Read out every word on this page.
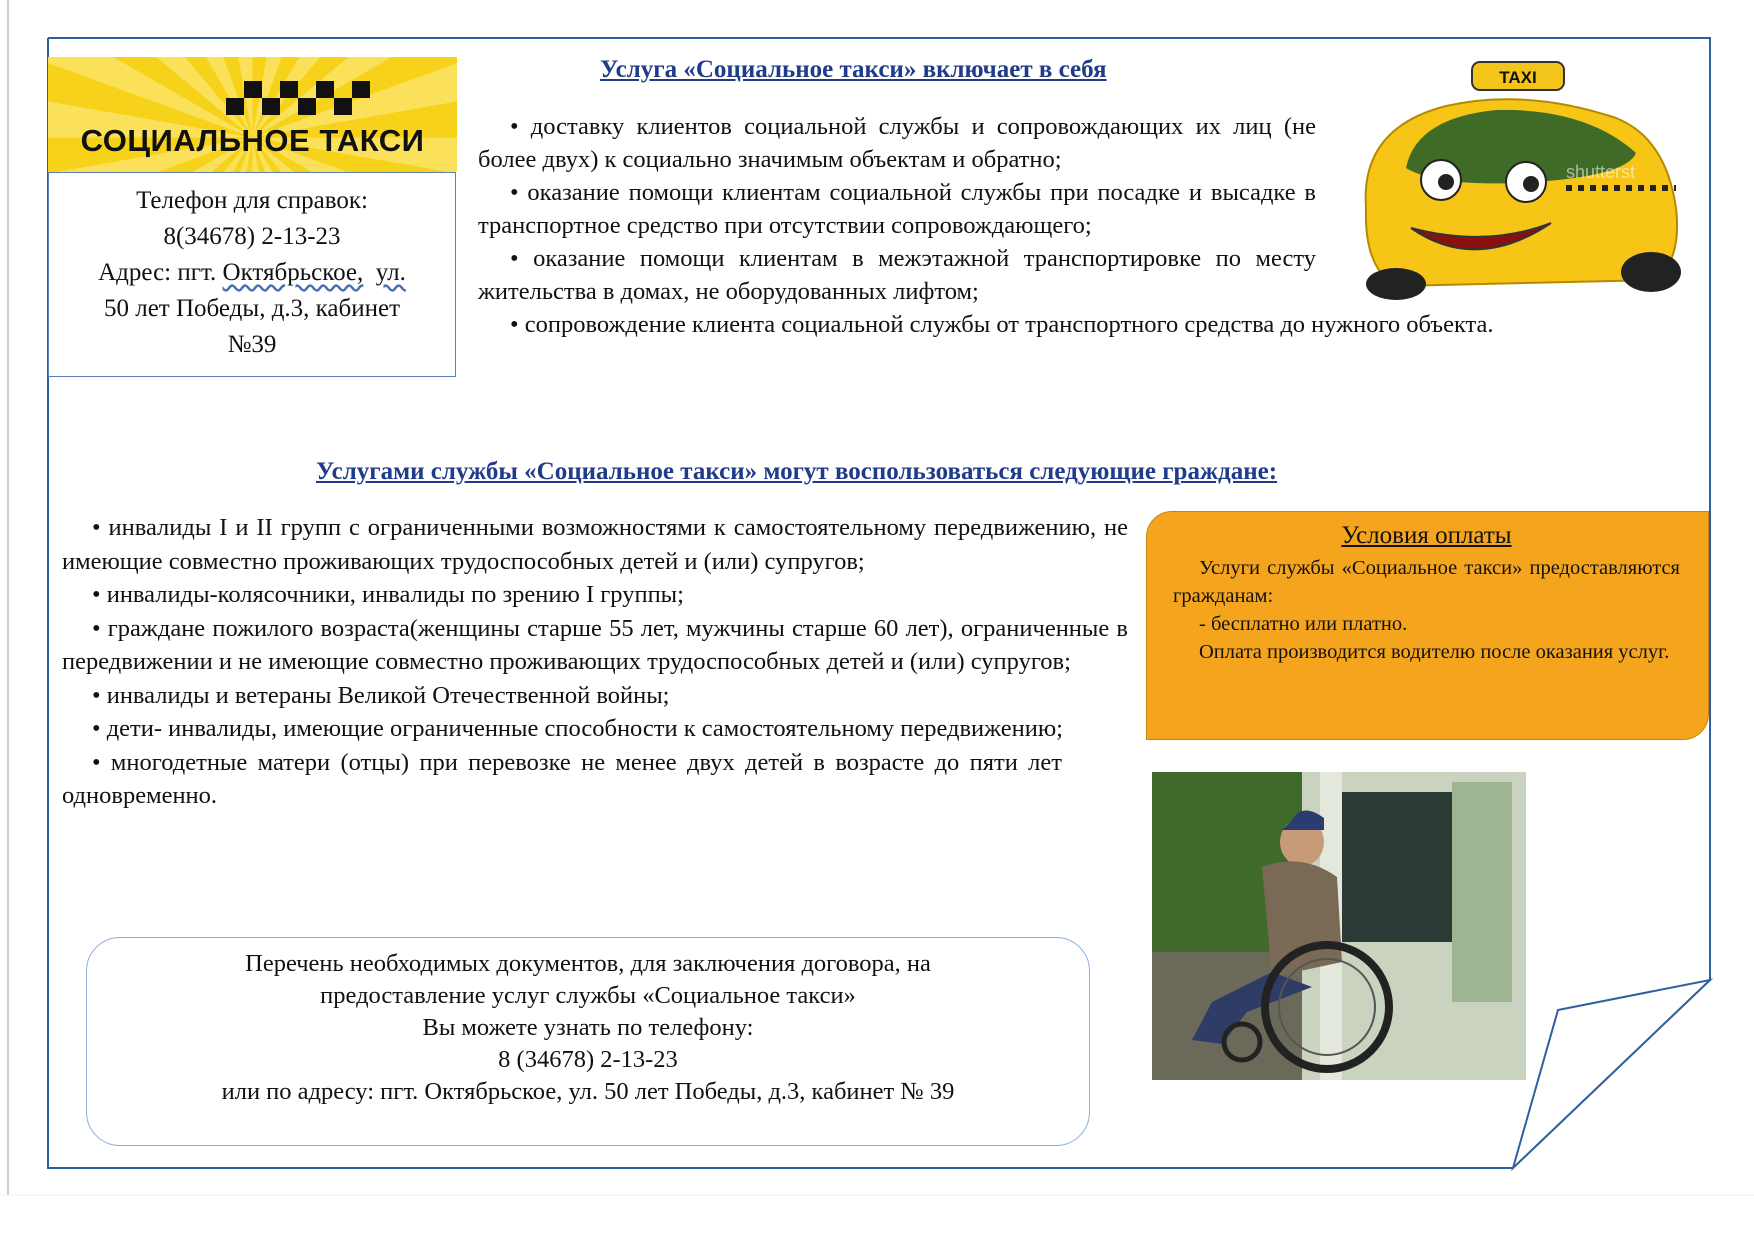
СОЦИАЛЬНОЕ ТАКСИ
Телефон для справок:
8(34678) 2-13-23
Адрес: пгт. Октябрьское, ул.
50 лет Победы, д.3, кабинет
№39
Услуга «Социальное такси» включает в себя

• доставку клиентов социальной службы и сопровождающих их лиц (не более двух) к социально значимым объектам и обратно;

• оказание помощи клиентам социальной службы при посадке и высадке в транспортное средство при отсутствии сопровождающего;

• оказание помощи клиентам в межэтажной транспортировке по месту жительства в домах, не оборудованных лифтом;

• сопровождение клиента социальной службы от транспортного средства до нужного объекта.

TAXI
shutterst
Услугами службы «Социальное такси» могут воспользоваться следующие граждане:

• инвалиды I и II групп с ограниченными возможностями к самостоятельному передвижению, не имеющие совместно проживающих трудоспособных детей и (или) супругов;

• инвалиды-колясочники, инвалиды по зрению I группы;

• граждане пожилого возраста(женщины старше 55 лет, мужчины старше 60 лет), ограниченные в передвижении и не имеющие совместно проживающих трудоспособных детей и (или) супругов;

• инвалиды и ветераны Великой Отечественной войны;

• дети- инвалиды, имеющие ограниченные способности к самостоятельному передвижению;

• многодетные матери (отцы) при перевозке не менее двух детей в возрасте до пяти лет одновременно.

Условия оплаты

Услуги службы «Социальное такси» предоставляются гражданам:

- бесплатно или платно.

Оплата производится водителю после оказания услуг.

Перечень необходимых документов, для заключения договора, на
предоставление услуг службы «Социальное такси»
Вы можете узнать по телефону:
8 (34678) 2-13-23
или по адресу: пгт. Октябрьское, ул. 50 лет Победы, д.3, кабинет № 39
